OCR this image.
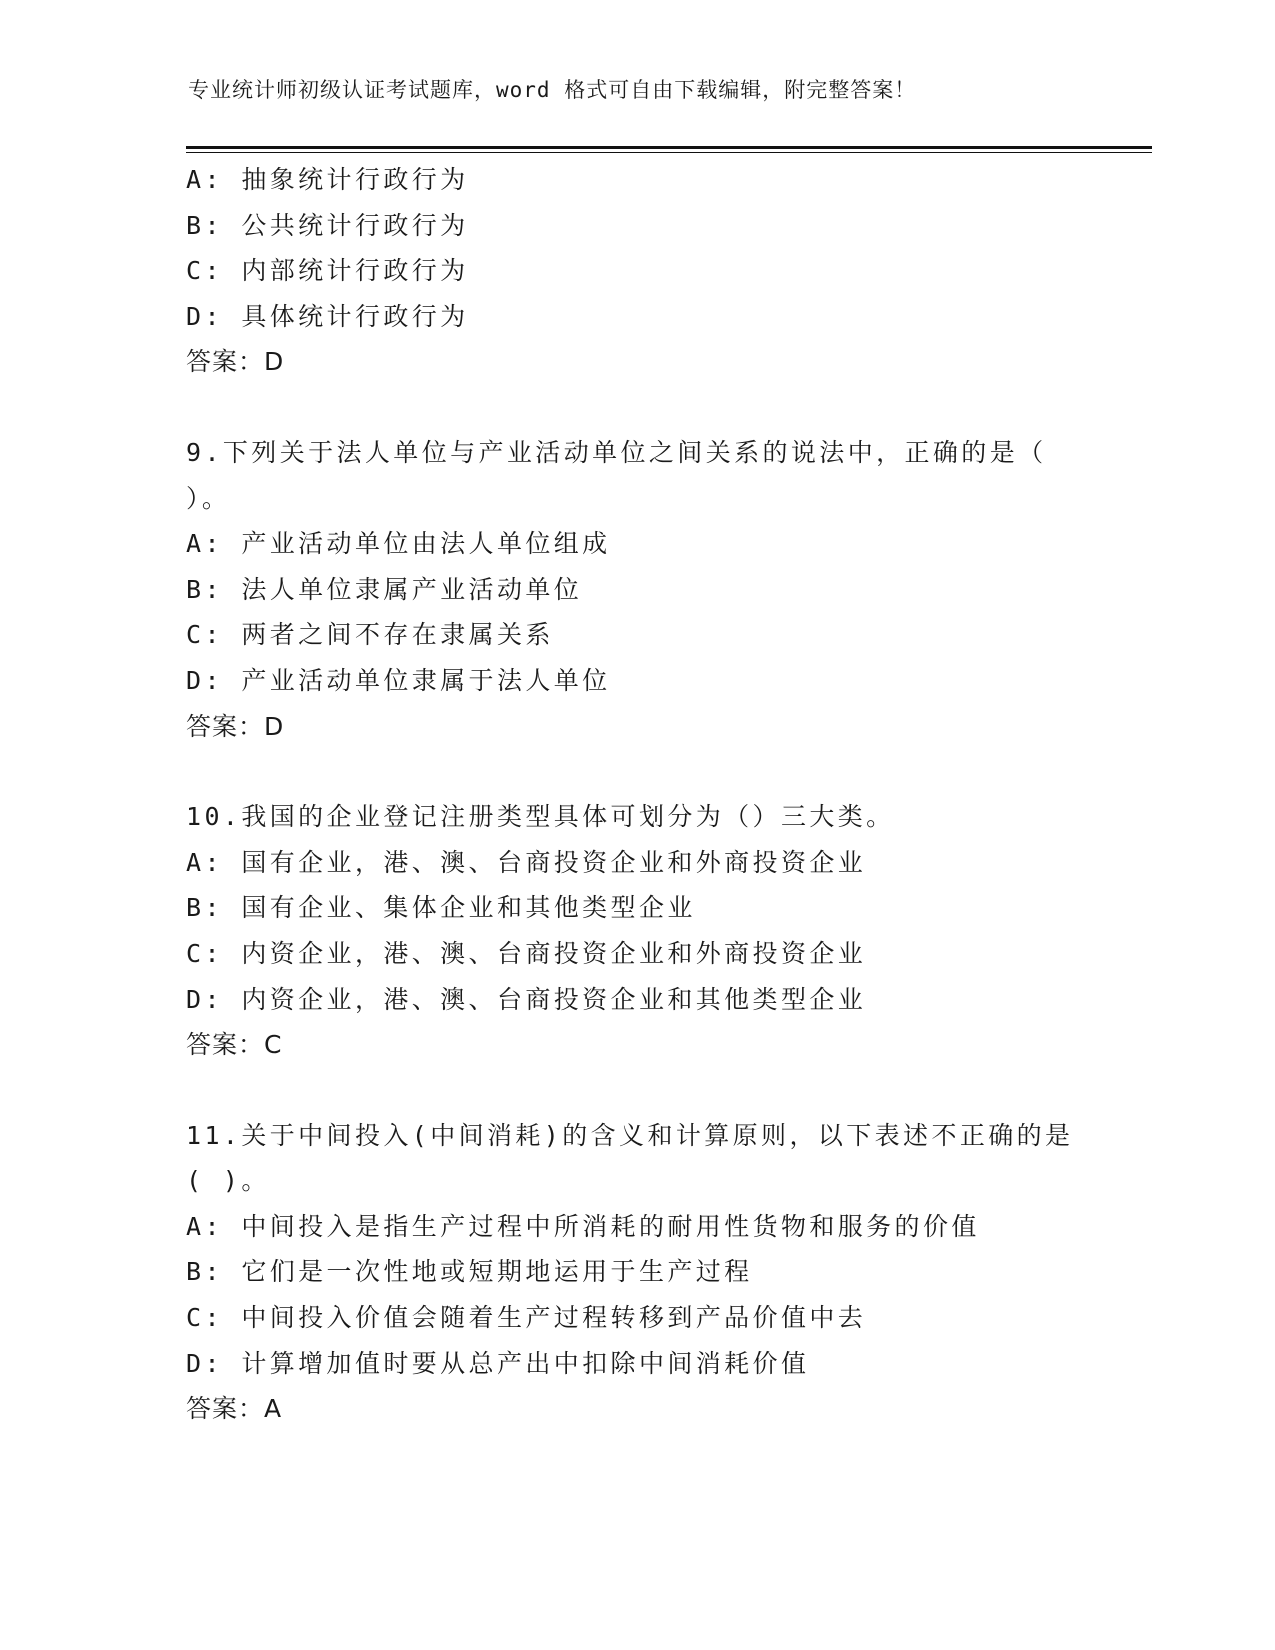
专业统计师初级认证考试题库，word 格式可自由下载编辑，附完整答案！
A: 抽象统计行政行为
B: 公共统计行政行为
C: 内部统计行政行为
D: 具体统计行政行为
答案：D
9.下列关于法人单位与产业活动单位之间关系的说法中，正确的是（
）。
A: 产业活动单位由法人单位组成
B: 法人单位隶属产业活动单位
C: 两者之间不存在隶属关系
D: 产业活动单位隶属于法人单位
答案：D
10.我国的企业登记注册类型具体可划分为（）三大类。
A: 国有企业，港、澳、台商投资企业和外商投资企业
B: 国有企业、集体企业和其他类型企业
C: 内资企业，港、澳、台商投资企业和外商投资企业
D: 内资企业，港、澳、台商投资企业和其他类型企业
答案：C
11.关于中间投入(中间消耗)的含义和计算原则，以下表述不正确的是
( )。
A: 中间投入是指生产过程中所消耗的耐用性货物和服务的价值
B: 它们是一次性地或短期地运用于生产过程
C: 中间投入价值会随着生产过程转移到产品价值中去
D: 计算增加值时要从总产出中扣除中间消耗价值
答案：A
